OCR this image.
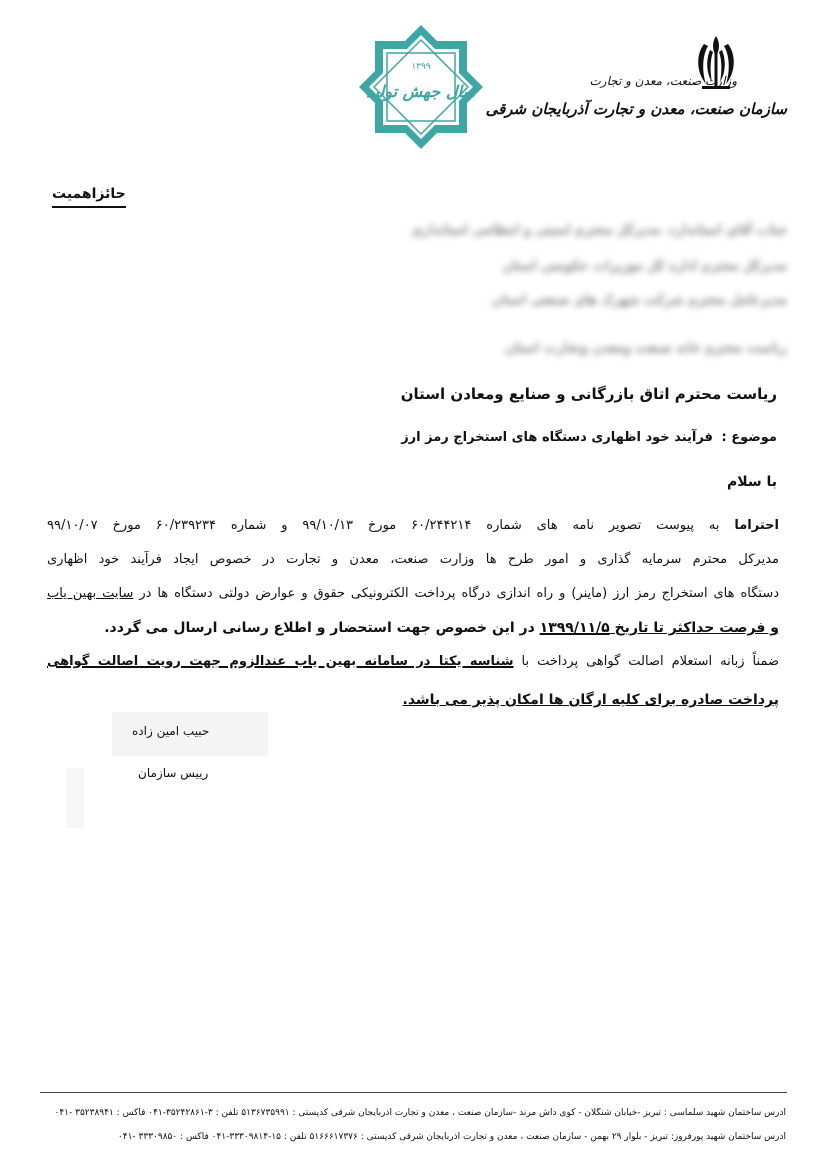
وزارت صنعت، معدن و تجارت
سازمان صنعت، معدن و تجارت آذربایجان شرقی
۱۳۹۹
سال جهش تولید
حائزاهمیت
جناب آقای استاندارد، مدیرکل محترم امنیتی و انتظامی استانداری
مدیرکل محترم اداره کل موزیرات حکومتی استان
مدیرعامل محترم شرکت شهرک های صنعتی استان
ریاست محترم خانه صنعت ومعدن وتجارت استان
ریاست محترم اتاق بازرگانی و صنایع ومعادن استان
موضوع : فرآیند خود اظهاری دستگاه های استخراج رمز ارز
با سلام
احتراما به پیوست تصویر نامه های شماره ۶۰/۲۴۴۲۱۴ مورخ ۹۹/۱۰/۱۳ و شماره ۶۰/۲۳۹۲۳۴ مورخ ۹۹/۱۰/۰۷
مدیرکل محترم سرمایه گذاری و امور طرح ها وزارت صنعت، معدن و تجارت در خصوص ایجاد فرآیند خود اظهاری
دستگاه های استخراج رمز ارز (ماینر) و راه اندازی درگاه پرداخت الکترونیکی حقوق و عوارض دولتی دستگاه ها در سایت بهین یاب
و فرصت حداکثر تا تاریخ ۱۳۹۹/۱۱/۵ در این خصوص جهت استحضار و اطلاع رسانی ارسال می گردد.
ضمناً زبانه استعلام اصالت گواهی پرداخت با شناسه یکتا در سامانه بهین یاب عندالزوم جهت رویت اصالت گواهی
پرداخت صادره برای کلیه ارگان ها امکان پذیر می باشد.
حبیب امین زاده
رییس سازمان
آدرس ساختمان شهید سلماسی : تبریز -خیابان شنگلان - کوی داش مرند -سازمان صنعت ، معدن و تجارت آذربایجان شرقی کدپستی : ۵۱۳۶۷۳۵۹۹۱ تلفن : ۳-۳۵۲۴۲۸۶۱-۰۴۱ فاکس : ۳۵۲۳۸۹۴۱ -۰۴۱
آدرس ساختمان شهید پورفروز: تبریز - بلوار ۲۹ بهمن - سازمان صنعت ، معدن و تجارت آذربایجان شرقی کدپستی : ۵۱۶۶۶۱۷۳۷۶ تلفن : ۱۵-۳۳۳۰۹۸۱۴-۰۴۱ فاکس : ۳۳۳۰۹۸۵۰ -۰۴۱
